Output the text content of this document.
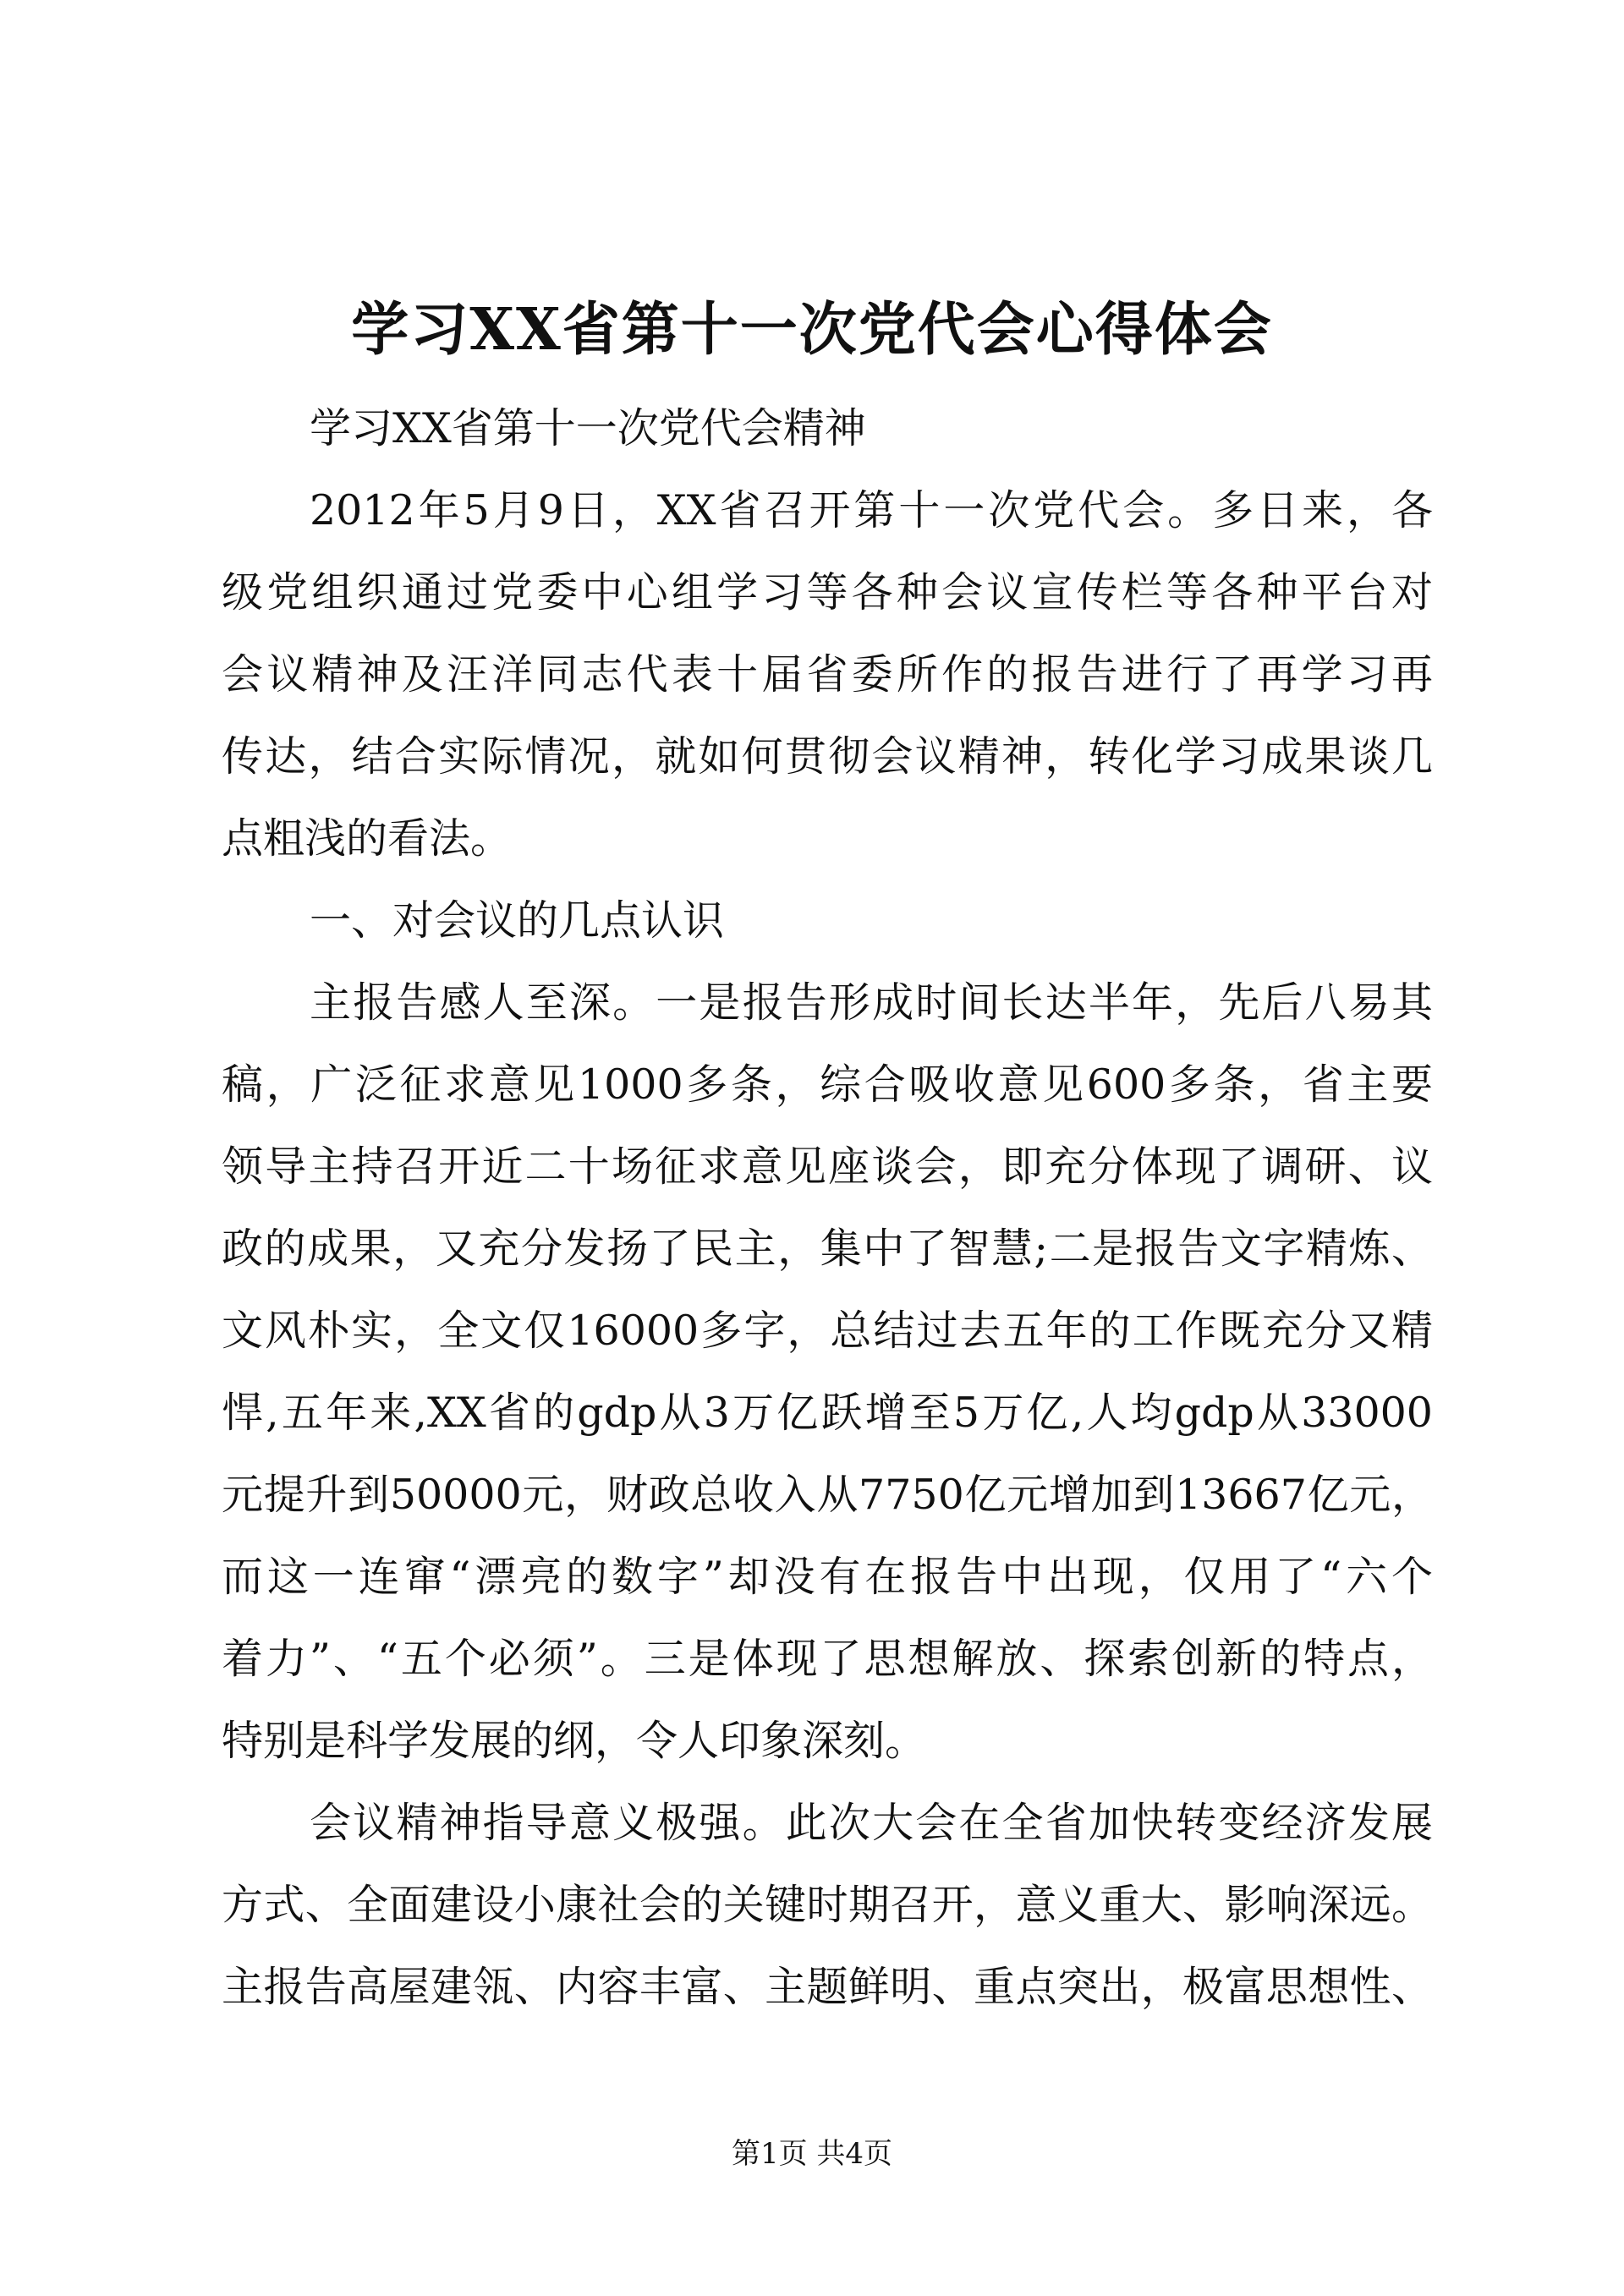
学习XX省第十一次党代会心得体会
学习XX省第十一次党代会精神
2012年5月9日，XX省召开第十一次党代会。多日来，各
级党组织通过党委中心组学习等各种会议宣传栏等各种平台对
会议精神及汪洋同志代表十届省委所作的报告进行了再学习再
传达，结合实际情况，就如何贯彻会议精神，转化学习成果谈几
点粗浅的看法。
一、对会议的几点认识
主报告感人至深。一是报告形成时间长达半年，先后八易其
稿，广泛征求意见1000多条，综合吸收意见600多条，省主要
领导主持召开近二十场征求意见座谈会，即充分体现了调研、议
政的成果，又充分发扬了民主，集中了智慧;二是报告文字精炼、
文风朴实，全文仅16000多字，总结过去五年的工作既充分又精
悍,五年来,XX省的gdp从3万亿跃增至5万亿,人均gdp从33000
元提升到50000元，财政总收入从7750亿元增加到13667亿元，
而这一连窜“漂亮的数字”却没有在报告中出现，仅用了“六个
着力”、“五个必须”。三是体现了思想解放、探索创新的特点，
特别是科学发展的纲，令人印象深刻。
会议精神指导意义极强。此次大会在全省加快转变经济发展
方式、全面建设小康社会的关键时期召开，意义重大、影响深远。
主报告高屋建瓴、内容丰富、主题鲜明、重点突出，极富思想性、
第1页 共4页
